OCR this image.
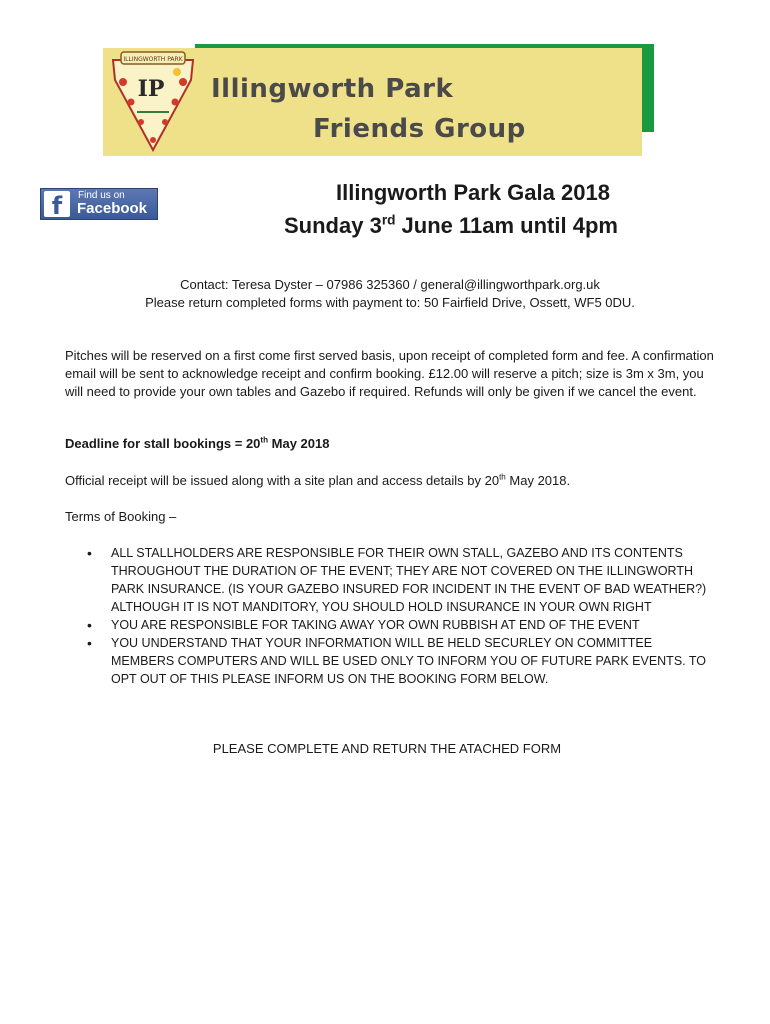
ILLINGWORTH PARK
IP Illingworth Park
Friends Group
f	Find us on
Facebook
Illingworth Park Gala 2018
Sunday 3rd June 11am until 4pm
Contact: Teresa Dyster – 07986 325360 / general@illingworthpark.org.uk
Please return completed forms with payment to: 50 Fairfield Drive, Ossett, WF5 0DU.
Pitches will be reserved on a first come first served basis, upon receipt of completed form and fee. A confirmation email will be sent to acknowledge receipt and confirm booking. £12.00 will reserve a pitch; size is 3m x 3m, you will need to provide your own tables and Gazebo if required. Refunds will only be given if we cancel the event.
Deadline for stall bookings = 20th May 2018
Official receipt will be issued along with a site plan and access details by 20th May 2018.
Terms of Booking –
• ALL STALLHOLDERS ARE RESPONSIBLE FOR THEIR OWN STALL, GAZEBO AND ITS CONTENTS THROUGHOUT THE DURATION OF THE EVENT; THEY ARE NOT COVERED ON THE ILLINGWORTH PARK INSURANCE. (IS YOUR GAZEBO INSURED FOR INCIDENT IN THE EVENT OF BAD WEATHER?) ALTHOUGH IT IS NOT MANDITORY, YOU SHOULD HOLD INSURANCE IN YOUR OWN RIGHT
• YOU ARE RESPONSIBLE FOR TAKING AWAY YOR OWN RUBBISH AT END OF THE EVENT
• YOU UNDERSTAND THAT YOUR INFORMATION WILL BE HELD SECURLEY ON COMMITTEE MEMBERS COMPUTERS AND WILL BE USED ONLY TO INFORM YOU OF FUTURE PARK EVENTS. TO OPT OUT OF THIS PLEASE INFORM US ON THE BOOKING FORM BELOW.
PLEASE COMPLETE AND RETURN THE ATACHED FORM
